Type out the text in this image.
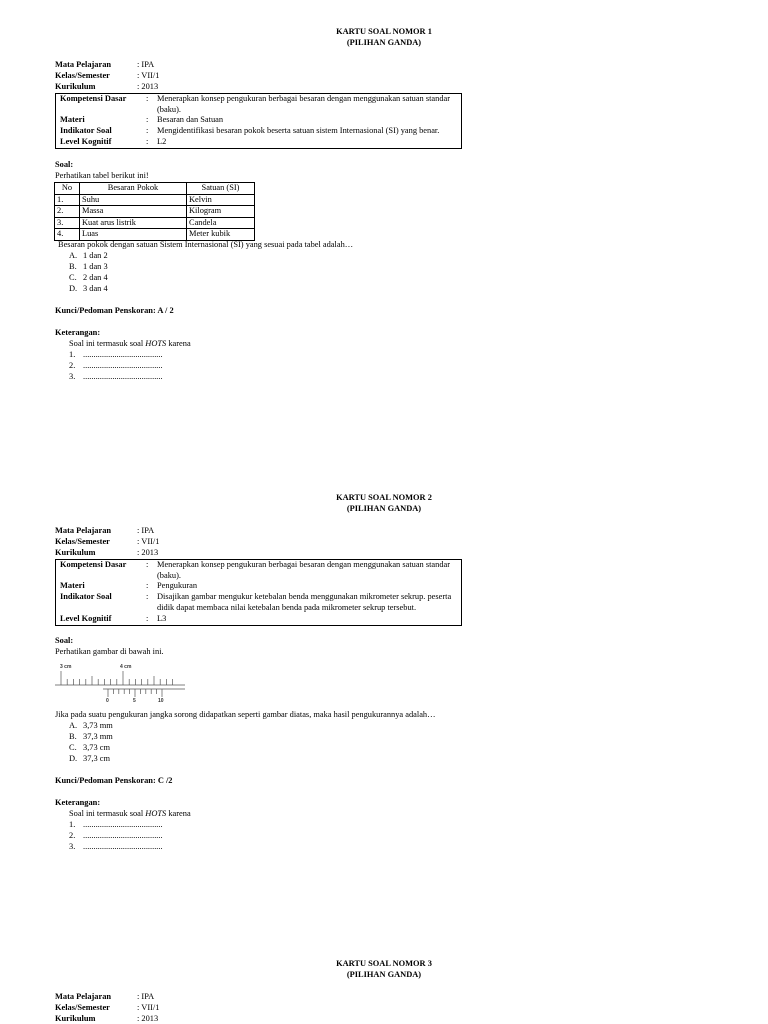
KARTU SOAL NOMOR 1
(PILIHAN GANDA)
Mata Pelajaran	: IPA
Kelas/Semester	: VII/1
Kurikulum	: 2013
Kompetensi Dasar : Menerapkan konsep pengukuran berbagai besaran dengan menggunakan satuan standar (baku).
Materi	: Besaran dan Satuan
Indikator Soal	: Mengidentifikasi besaran pokok beserta satuan sistem Internasional (SI) yang benar.
Level Kognitif	: L2
Soal:
Perhatikan tabel berikut ini!
No	Besaran Pokok	Satuan (SI)
1.	Suhu	Kelvin
2.	Massa	Kilogram
3.	Kuat arus listrik	Candela
4.	Luas	Meter kubik
Besaran pokok dengan satuan Sistem Internasional (SI) yang sesuai pada tabel adalah…
A. 1 dan 2
B. 1 dan 3
C. 2 dan 4
D. 3 dan 4
Kunci/Pedoman Penskoran: A / 2
Keterangan:
Soal ini termasuk soal HOTS karena
1. ......................................
2. ......................................
3. ......................................
KARTU SOAL NOMOR 2
(PILIHAN GANDA)
Mata Pelajaran	: IPA
Kelas/Semester	: VII/1
Kurikulum	: 2013
Kompetensi Dasar : Menerapkan konsep pengukuran berbagai besaran dengan menggunakan satuan standar (baku).
Materi	: Pengukuran
Indikator Soal	: Disajikan gambar mengukur ketebalan benda menggunakan mikrometer sekrup. peserta didik dapat membaca nilai ketebalan benda pada mikrometer sekrup tersebut.
Level Kognitif	: L3
Soal:
Perhatikan gambar di bawah ini.
3 cm	4 cm
0	5	10
Jika pada suatu pengukuran jangka sorong didapatkan seperti gambar diatas, maka hasil pengukurannya adalah…
A. 3,73 mm
B. 37,3 mm
C. 3,73 cm
D. 37,3 cm
Kunci/Pedoman Penskoran: C /2
Keterangan:
Soal ini termasuk soal HOTS karena
1. ......................................
2. ......................................
3. ......................................
KARTU SOAL NOMOR 3
(PILIHAN GANDA)
Mata Pelajaran	: IPA
Kelas/Semester	: VII/1
Kurikulum	: 2013
